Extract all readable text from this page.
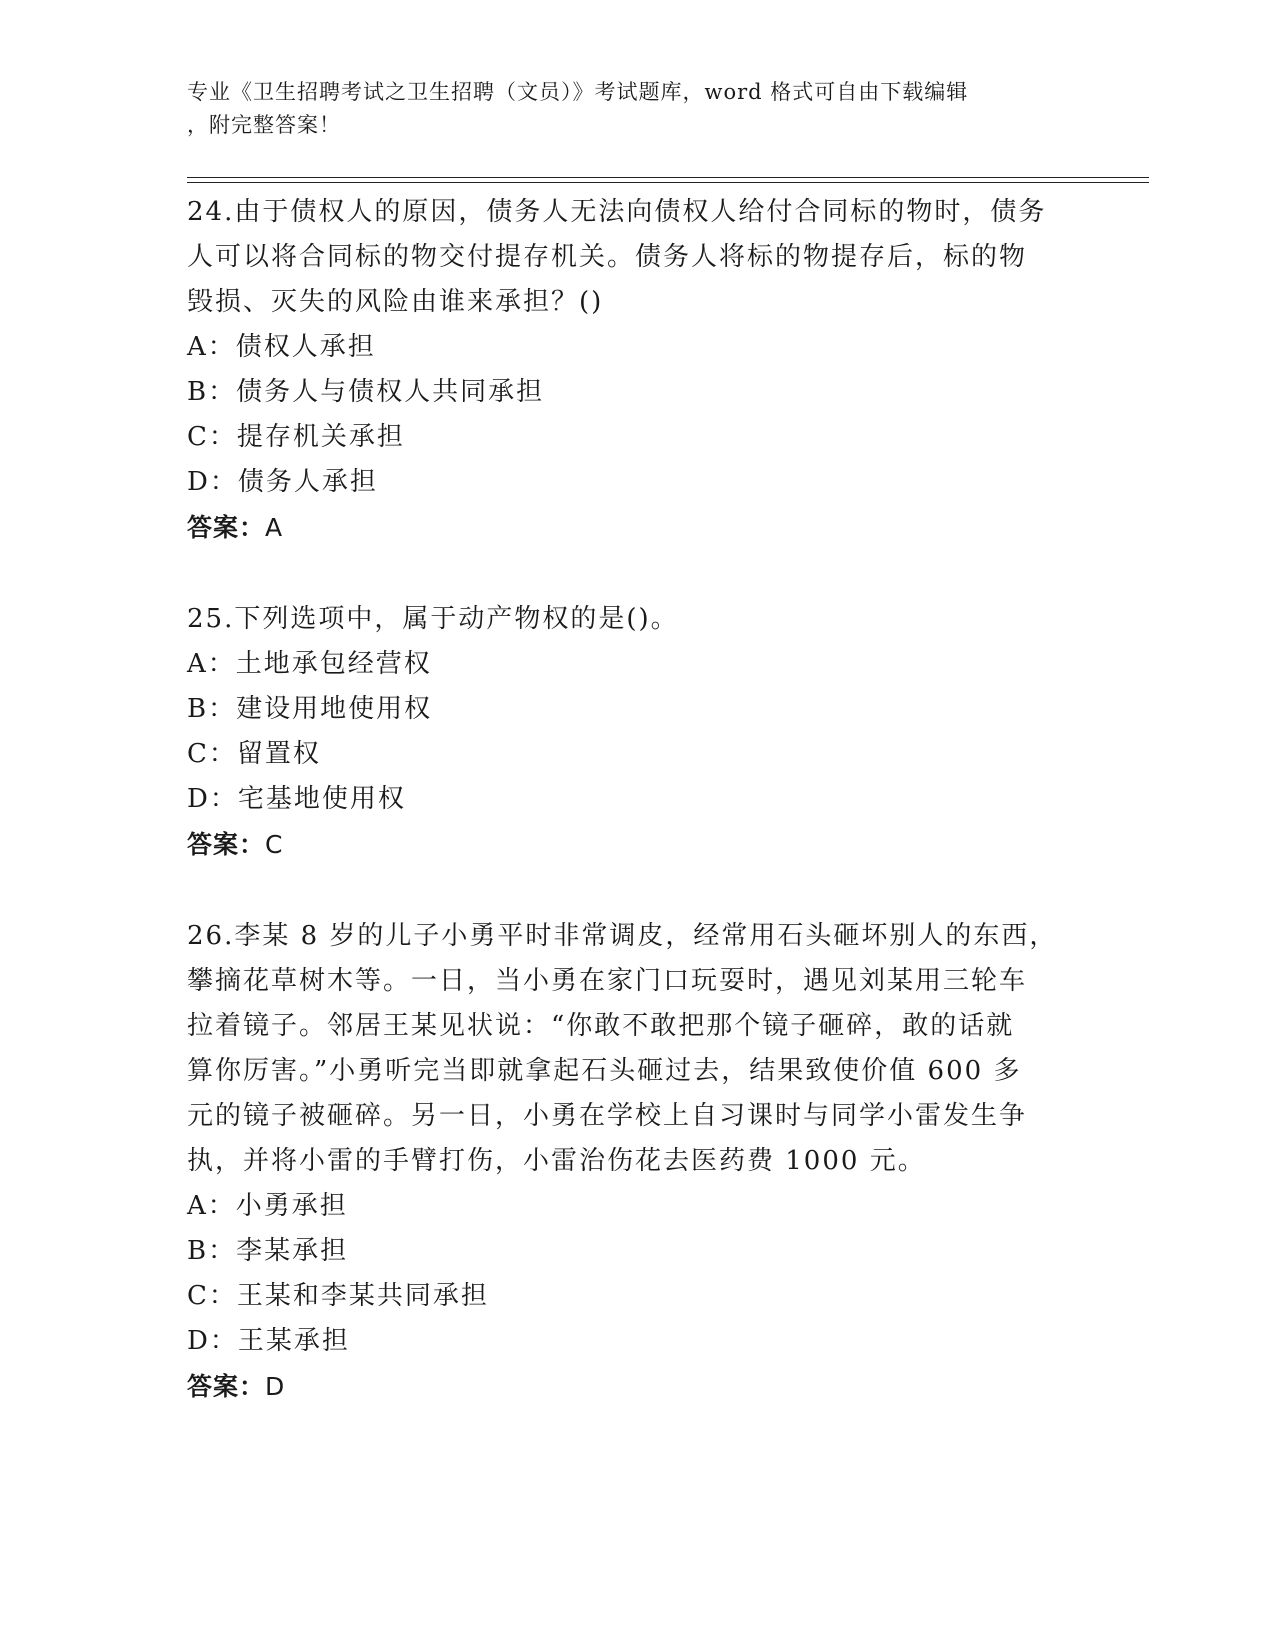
专业《卫生招聘考试之卫生招聘（文员）》考试题库，word 格式可自由下载编辑
，附完整答案！
24.由于债权人的原因，债务人无法向债权人给付合同标的物时，债务
人可以将合同标的物交付提存机关。债务人将标的物提存后，标的物
毁损、灭失的风险由谁来承担？()
A：债权人承担
B：债务人与债权人共同承担
C：提存机关承担
D：债务人承担
答案：A
25.下列选项中，属于动产物权的是()。
A：土地承包经营权
B：建设用地使用权
C：留置权
D：宅基地使用权
答案：C
26.李某 8 岁的儿子小勇平时非常调皮，经常用石头砸坏别人的东西，
攀摘花草树木等。一日，当小勇在家门口玩耍时，遇见刘某用三轮车
拉着镜子。邻居王某见状说：“你敢不敢把那个镜子砸碎，敢的话就
算你厉害。”小勇听完当即就拿起石头砸过去，结果致使价值 600 多
元的镜子被砸碎。另一日，小勇在学校上自习课时与同学小雷发生争
执，并将小雷的手臂打伤，小雷治伤花去医药费 1000 元。
A：小勇承担
B：李某承担
C：王某和李某共同承担
D：王某承担
答案：D
